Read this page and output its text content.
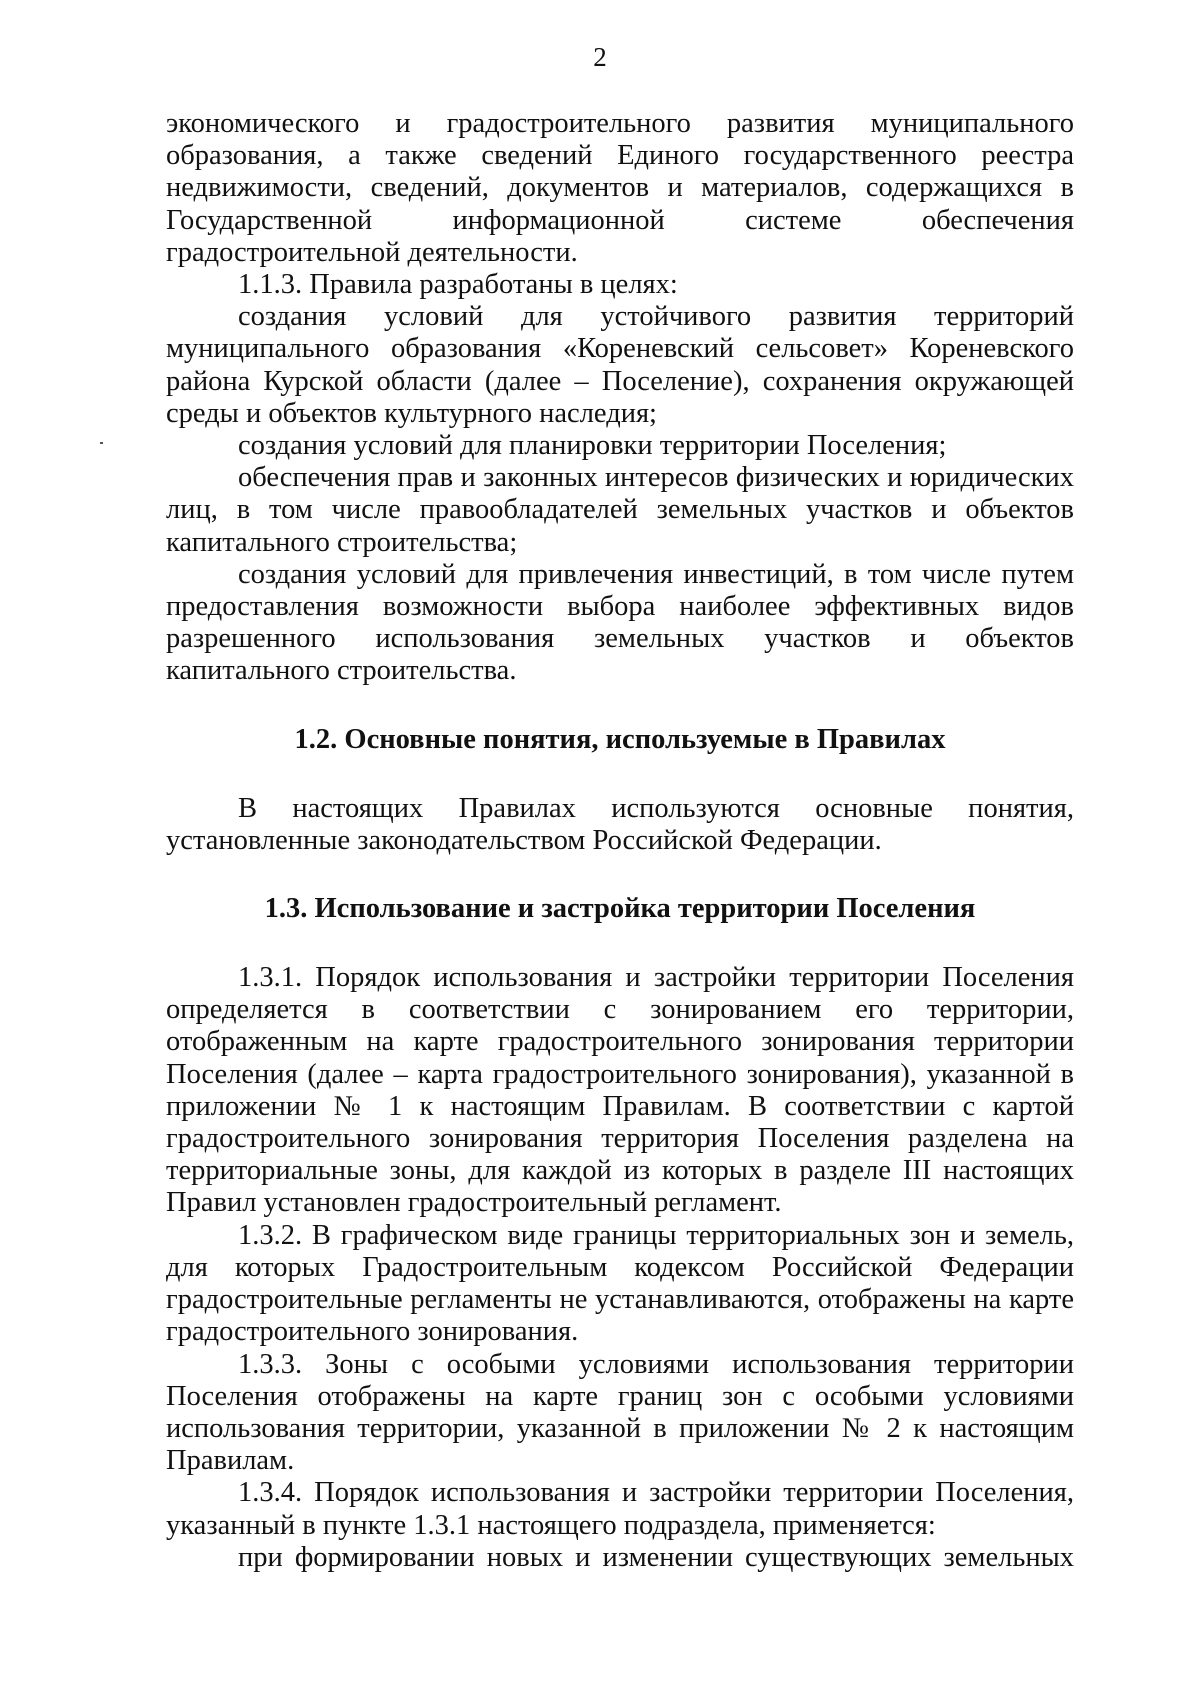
2

экономического и градостроительного развития муниципального образования, а также сведений Единого государственного реестра недвижимости, сведений, документов и материалов, содержащихся в Государственной информационной системе обеспечения градостроительной деятельности.

1.1.3. Правила разработаны в целях:

создания условий для устойчивого развития территорий муниципального образования «Кореневский сельсовет» Кореневского района Курской области (далее – Поселение), сохранения окружающей среды и объектов культурного наследия;

создания условий для планировки территории Поселения;

обеспечения прав и законных интересов физических и юридических лиц, в том числе правообладателей земельных участков и объектов капитального строительства;

создания условий для привлечения инвестиций, в том числе путем предоставления возможности выбора наиболее эффективных видов разрешенного использования земельных участков и объектов капитального строительства.

1.2. Основные понятия, используемые в Правилах

В настоящих Правилах используются основные понятия, установленные законодательством Российской Федерации.

1.3. Использование и застройка территории Поселения

1.3.1. Порядок использования и застройки территории Поселения определяется в соответствии с зонированием его территории, отображенным на карте градостроительного зонирования территории Поселения (далее – карта градостроительного зонирования), указанной в приложении № 1 к настоящим Правилам. В соответствии с картой градостроительного зонирования территория Поселения разделена на территориальные зоны, для каждой из которых в разделе III настоящих Правил установлен градостроительный регламент.

1.3.2. В графическом виде границы территориальных зон и земель, для которых Градостроительным кодексом Российской Федерации градостроительные регламенты не устанавливаются, отображены на карте градостроительного зонирования.

1.3.3. Зоны с особыми условиями использования территории Поселения отображены на карте границ зон с особыми условиями использования территории, указанной в приложении № 2 к настоящим Правилам.

1.3.4. Порядок использования и застройки территории Поселения, указанный в пункте 1.3.1 настоящего подраздела, применяется:

при формировании новых и изменении существующих земельных
